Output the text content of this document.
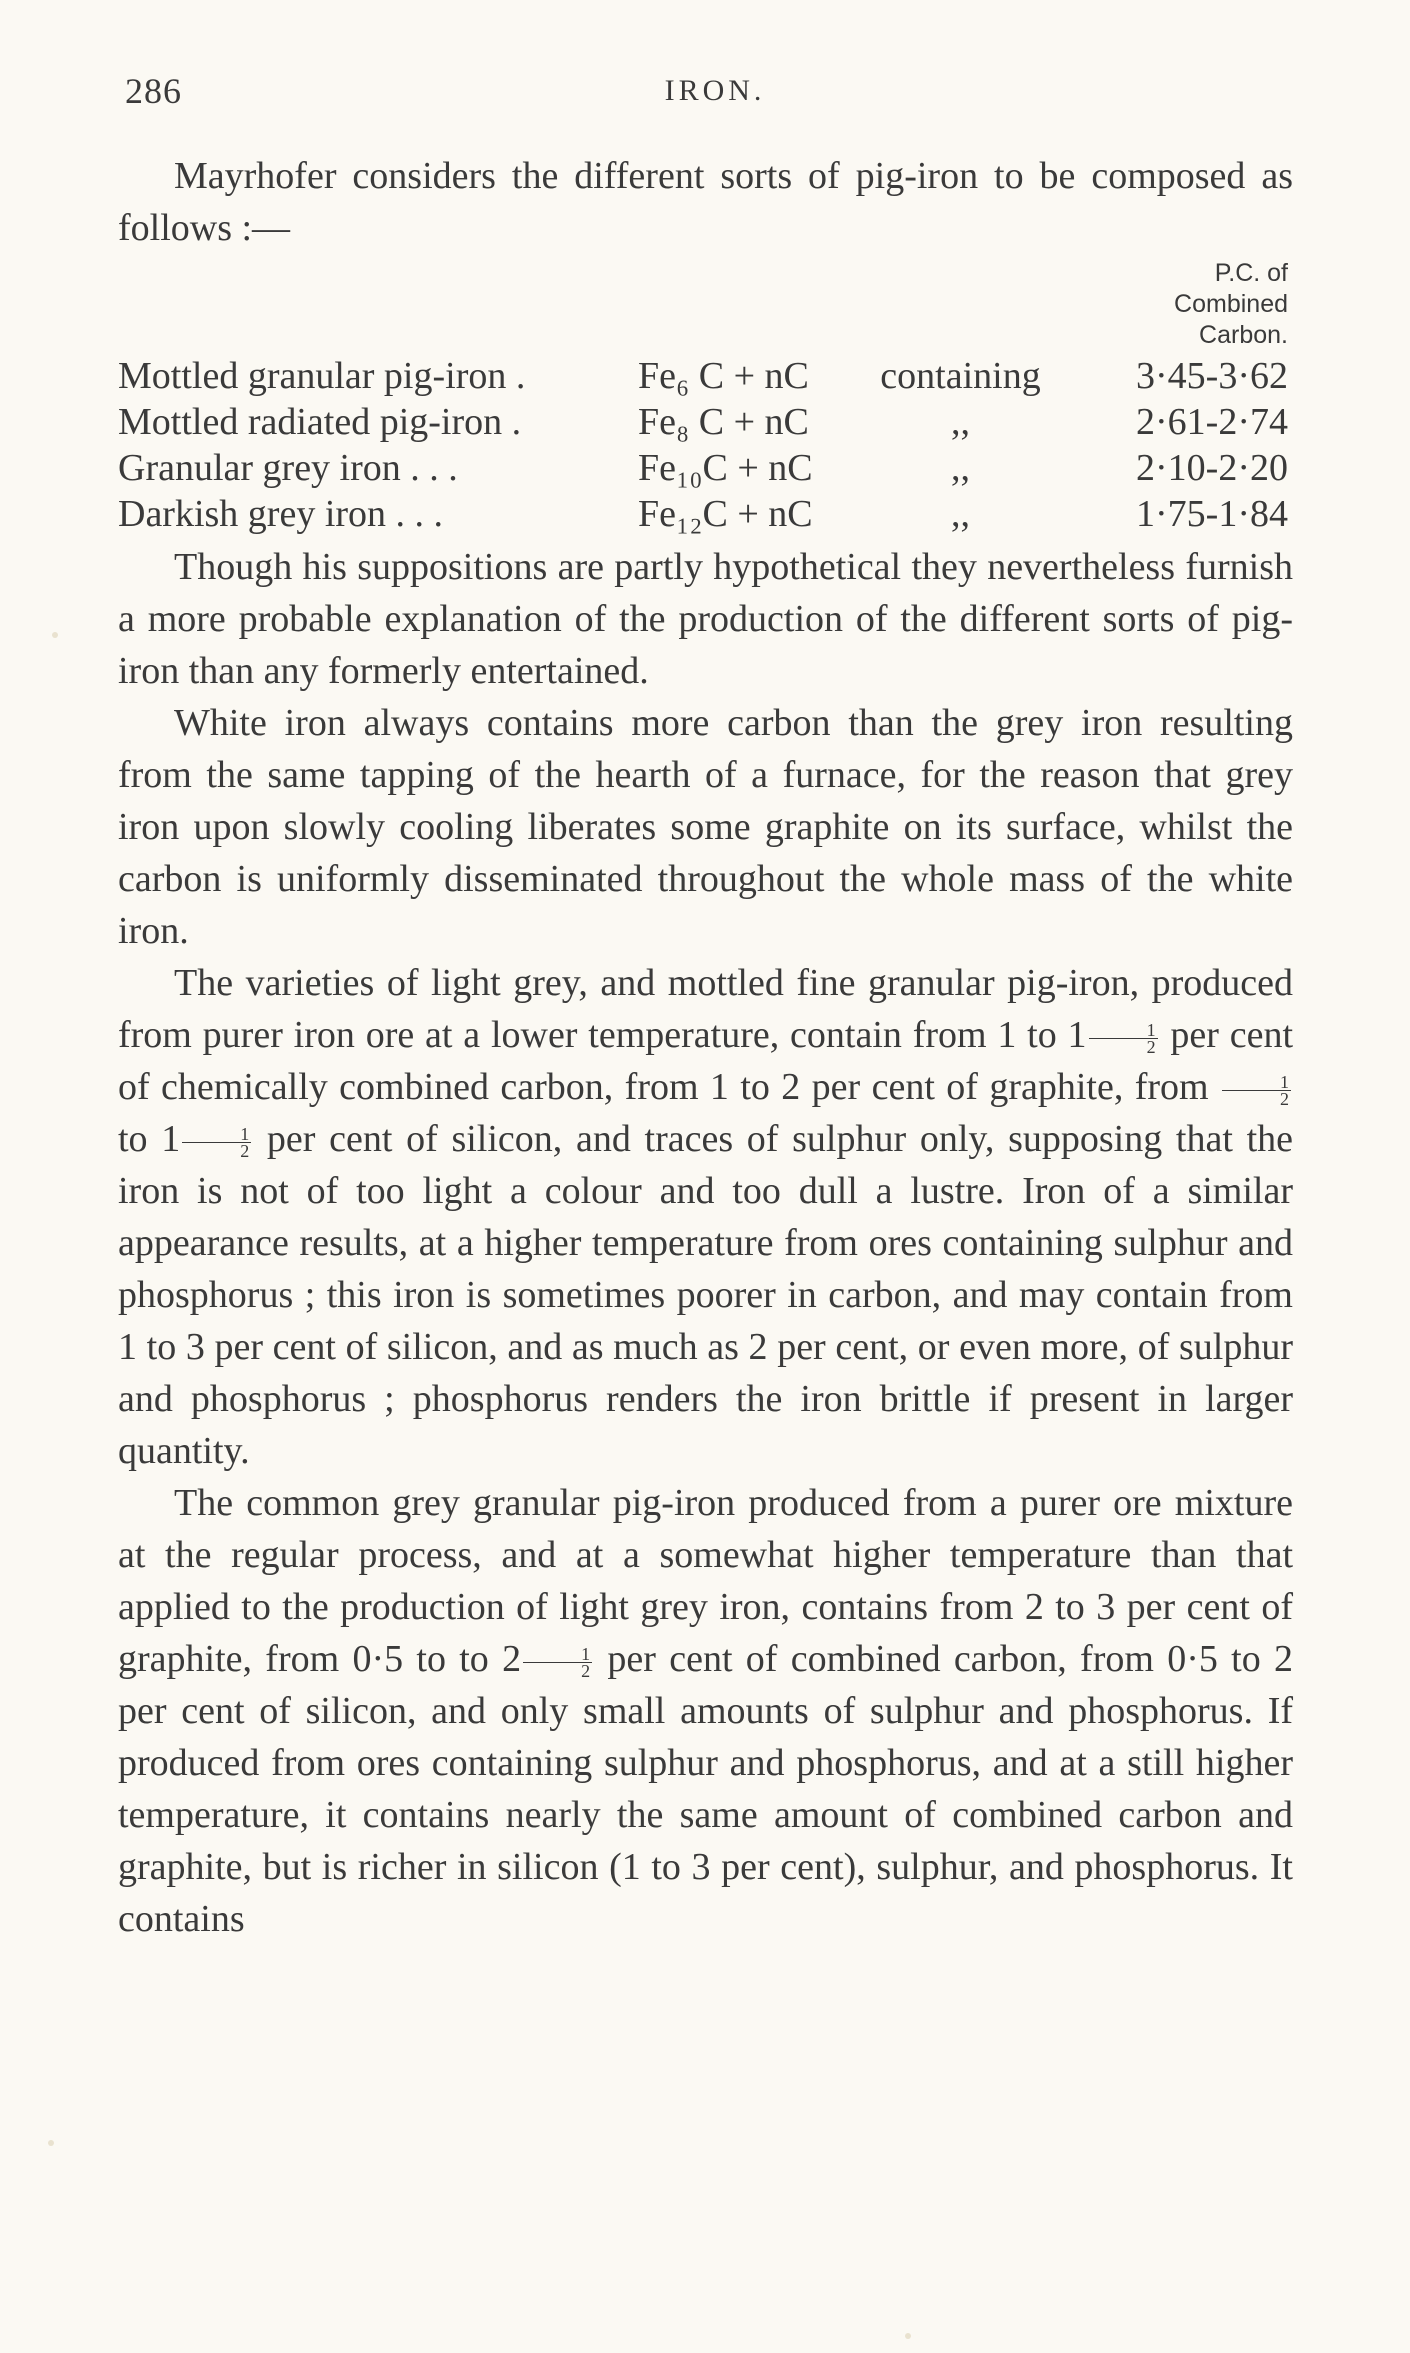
286	IRON.

Mayrhofer considers the different sorts of pig-iron to be composed as follows :—

P.C. of
Combined
Carbon.
Mottled granular pig-iron .	Fe₆ C + nC	containing	3·45-3·62
Mottled radiated pig-iron .	Fe₈ C + nC	,,	2·61-2·74
Granular grey iron . . .	Fe₁₀C + nC	,,	2·10-2·20
Darkish grey iron . . .	Fe₁₂C + nC	,,	1·75-1·84

Though his suppositions are partly hypothetical they nevertheless furnish a more probable explanation of the production of the different sorts of pig-iron than any formerly entertained.

White iron always contains more carbon than the grey iron resulting from the same tapping of the hearth of a furnace, for the reason that grey iron upon slowly cooling liberates some graphite on its surface, whilst the carbon is uniformly disseminated throughout the whole mass of the white iron.

The varieties of light grey, and mottled fine granular pig-iron, produced from purer iron ore at a lower temperature, contain from 1 to $1 \frac{1}{2}$ per cent of chemically combined carbon, from 1 to 2 per cent of graphite, from $\frac{1}{2}$
to $1 \frac{1}{2}$ per cent of silicon, and traces of sulphur only, supposing that the iron is not of too light a colour and too dull a lustre. Iron of a similar appearance results, at a higher temperature from ores containing sulphur and phosphorus ; this iron is sometimes poorer in carbon, and may contain from 1 to 3 per cent of silicon, and as much as 2 per cent, or even more, of sulphur and phosphorus ; phosphorus renders the iron brittle if present in larger quantity.

The common grey granular pig-iron produced from a purer ore mixture at the regular process, and at a somewhat higher temperature than that applied to the production of light grey iron, contains from 2 to 3 per cent of graphite, from 0·5 to to $2 \frac{1}{2}$ per cent of combined carbon, from 0·5 to 2 per cent of silicon, and only small amounts of sulphur and phosphorus. If produced from ores containing sulphur and phosphorus, and at a still higher temperature, it contains nearly the same amount of combined carbon and graphite, but is richer in silicon (1 to 3 per cent), sulphur, and phosphorus. It contains
